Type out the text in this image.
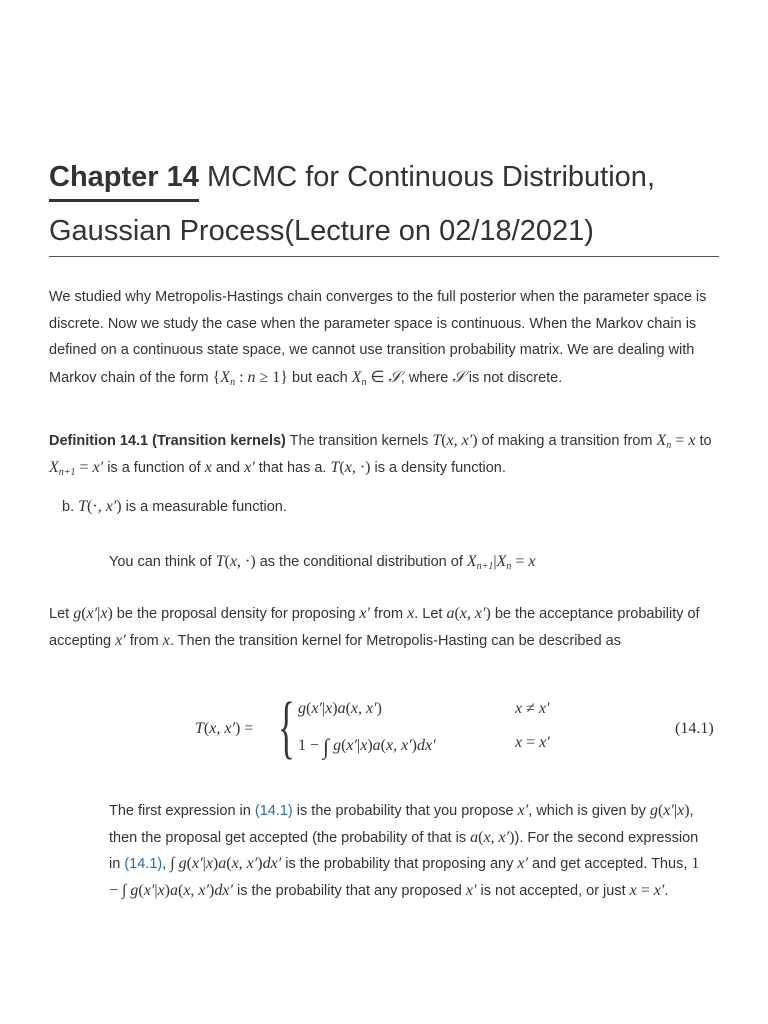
Chapter 14 MCMC for Continuous Distribution,
Gaussian Process(Lecture on 02/18/2021)

We studied why Metropolis-Hastings chain converges to the full posterior when the parameter space is discrete. Now we study the case when the parameter space is continuous. When the Markov chain is defined on a continuous state space, we cannot use transition probability matrix. We are dealing with Markov chain of the form {$X_n$ : n ≥ 1} but each $X_n$ ∈ 𝒮, where 𝒮 is not discrete.

Definition 14.1 (Transition kernels) The transition kernels T(x, x′) of making a transition from $X_n = x$ to $X_{n+1} = x'$ is a function of x and x′ that has a. T(x, ·) is a density function.

b. T(·, x′) is a measurable function.

You can think of T(x, ·) as the conditional distribution of $X_{n+1}|X_n = x$

Let g(x′|x) be the proposal density for proposing x′ from x. Let a(x, x′) be the acceptance probability of accepting x′ from x. Then the transition kernel for Metropolis-Hasting can be described as

T(x, x′) = { g(x′|x)a(x, x′)
1 − ∫ g(x′|x)a(x, x′)dx′
x ≠ x′
x = x′
(14.1)

The first expression in (14.1) is the probability that you propose x′, which is given by g(x′|x), then the proposal get accepted (the probability of that is a(x, x′)). For the second expression in (14.1), ∫ g(x′|x)a(x, x′)dx′ is the probability that proposing any x′ and get accepted. Thus, 1 − ∫ g(x′|x)a(x, x′)dx′ is the probability that any proposed x′ is not accepted, or just x = x′.
